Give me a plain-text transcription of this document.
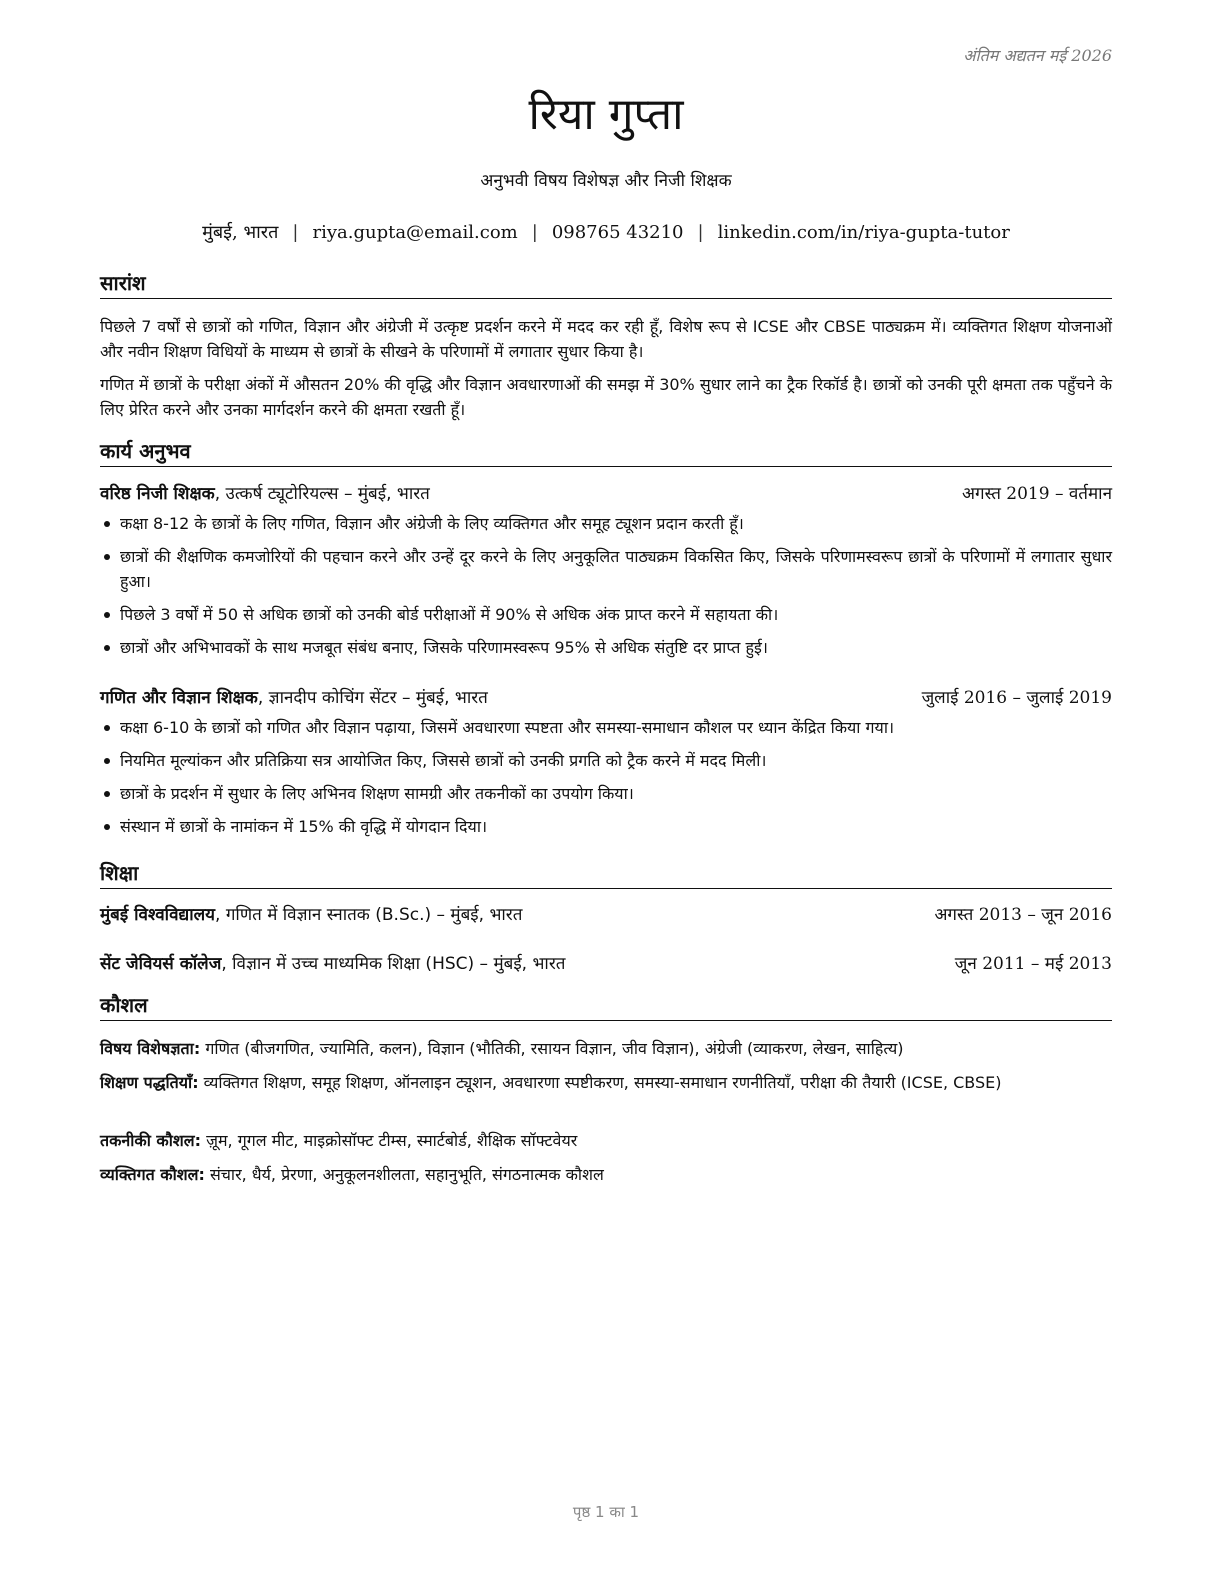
अंतिम अद्यतन मई 2026
रिया गुप्ता
अनुभवी विषय विशेषज्ञ और निजी शिक्षक
मुंबई, भारत | riya.gupta@email.com | 098765 43210 | linkedin.com/in/riya-gupta-tutor
सारांश
पिछले 7 वर्षों से छात्रों को गणित, विज्ञान और अंग्रेजी में उत्कृष्ट प्रदर्शन करने में मदद कर रही हूँ, विशेष रूप से ICSE और CBSE पाठ्यक्रम में। व्यक्तिगत शिक्षण योजनाओं और नवीन शिक्षण विधियों के माध्यम से छात्रों के सीखने के परिणामों में लगातार सुधार किया है।
गणित में छात्रों के परीक्षा अंकों में औसतन 20% की वृद्धि और विज्ञान अवधारणाओं की समझ में 30% सुधार लाने का ट्रैक रिकॉर्ड है। छात्रों को उनकी पूरी क्षमता तक पहुँचने के लिए प्रेरित करने और उनका मार्गदर्शन करने की क्षमता रखती हूँ।
कार्य अनुभव
वरिष्ठ निजी शिक्षक, उत्कर्ष ट्यूटोरियल्स – मुंबई, भारत	अगस्त 2019 – वर्तमान
कक्षा 8-12 के छात्रों के लिए गणित, विज्ञान और अंग्रेजी के लिए व्यक्तिगत और समूह ट्यूशन प्रदान करती हूँ।
छात्रों की शैक्षणिक कमजोरियों की पहचान करने और उन्हें दूर करने के लिए अनुकूलित पाठ्यक्रम विकसित किए, जिसके परिणामस्वरूप छात्रों के परिणामों में लगातार सुधार हुआ।
पिछले 3 वर्षों में 50 से अधिक छात्रों को उनकी बोर्ड परीक्षाओं में 90% से अधिक अंक प्राप्त करने में सहायता की।
छात्रों और अभिभावकों के साथ मजबूत संबंध बनाए, जिसके परिणामस्वरूप 95% से अधिक संतुष्टि दर प्राप्त हुई।
गणित और विज्ञान शिक्षक, ज्ञानदीप कोचिंग सेंटर – मुंबई, भारत	जुलाई 2016 – जुलाई 2019
कक्षा 6-10 के छात्रों को गणित और विज्ञान पढ़ाया, जिसमें अवधारणा स्पष्टता और समस्या-समाधान कौशल पर ध्यान केंद्रित किया गया।
नियमित मूल्यांकन और प्रतिक्रिया सत्र आयोजित किए, जिससे छात्रों को उनकी प्रगति को ट्रैक करने में मदद मिली।
छात्रों के प्रदर्शन में सुधार के लिए अभिनव शिक्षण सामग्री और तकनीकों का उपयोग किया।
संस्थान में छात्रों के नामांकन में 15% की वृद्धि में योगदान दिया।
शिक्षा
मुंबई विश्वविद्यालय, गणित में विज्ञान स्नातक (B.Sc.) – मुंबई, भारत	अगस्त 2013 – जून 2016
सेंट जेवियर्स कॉलेज, विज्ञान में उच्च माध्यमिक शिक्षा (HSC) – मुंबई, भारत	जून 2011 – मई 2013
कौशल
विषय विशेषज्ञता: गणित (बीजगणित, ज्यामिति, कलन), विज्ञान (भौतिकी, रसायन विज्ञान, जीव विज्ञान), अंग्रेजी (व्याकरण, लेखन, साहित्य)
शिक्षण पद्धतियाँ: व्यक्तिगत शिक्षण, समूह शिक्षण, ऑनलाइन ट्यूशन, अवधारणा स्पष्टीकरण, समस्या-समाधान रणनीतियाँ, परीक्षा की तैयारी (ICSE, CBSE)
तकनीकी कौशल: ज़ूम, गूगल मीट, माइक्रोसॉफ्ट टीम्स, स्मार्टबोर्ड, शैक्षिक सॉफ्टवेयर
व्यक्तिगत कौशल: संचार, धैर्य, प्रेरणा, अनुकूलनशीलता, सहानुभूति, संगठनात्मक कौशल
पृष्ठ 1 का 1
